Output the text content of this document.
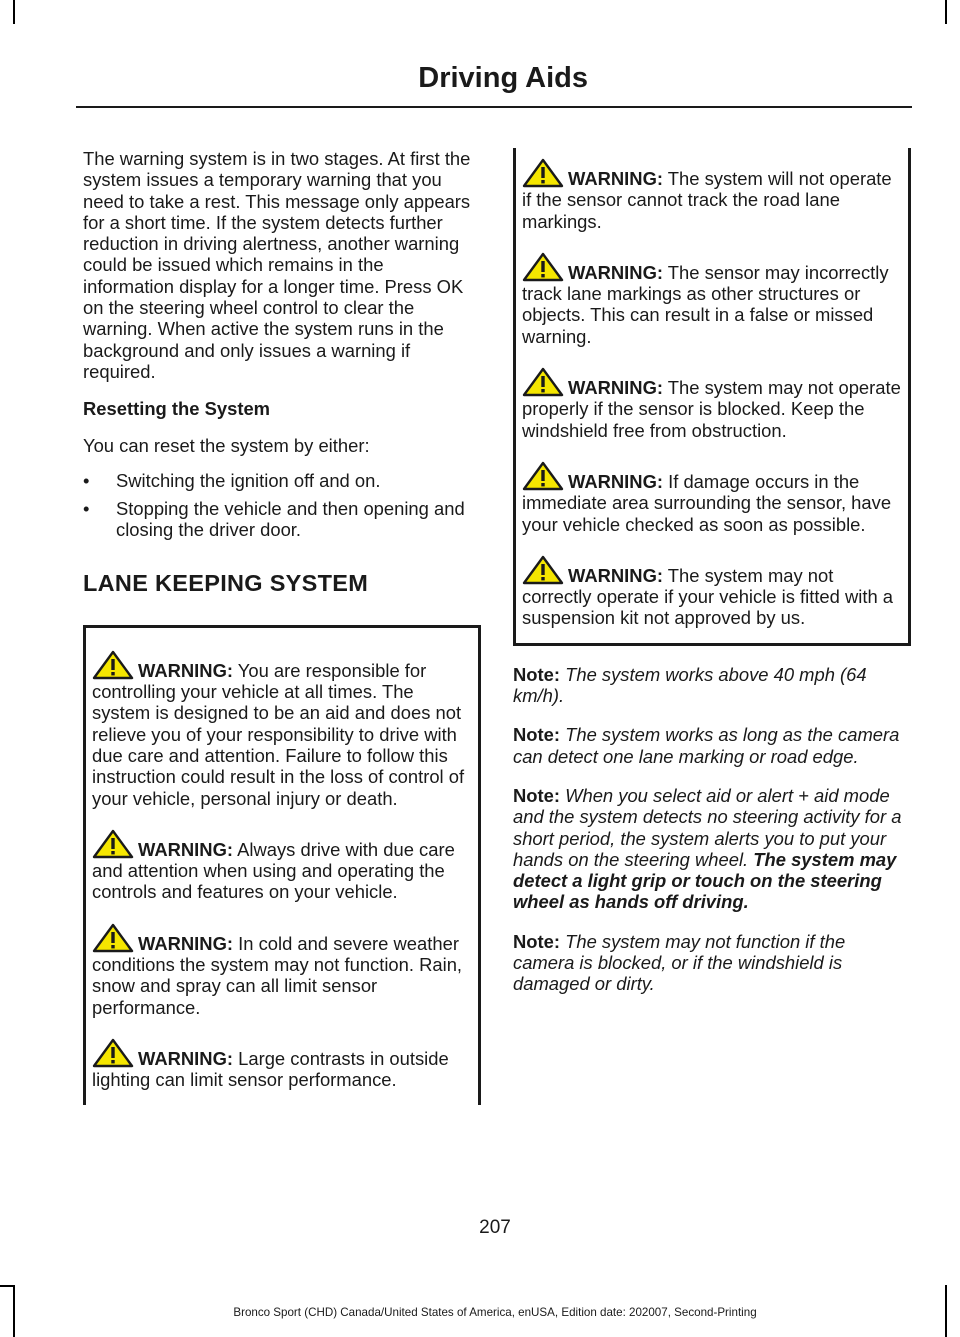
Driving Aids

The warning system is in two stages. At first the system issues a temporary warning that you need to take a rest. This message only appears for a short time. If the system detects further reduction in driving alertness, another warning could be issued which remains in the information display for a longer time. Press OK on the steering wheel control to clear the warning. When active the system runs in the background and only issues a warning if required.

Resetting the System

You can reset the system by either:

• Switching the ignition off and on.
• Stopping the vehicle and then opening and closing the driver door.
LANE KEEPING SYSTEM

WARNING: You are responsible for controlling your vehicle at all times. The system is designed to be an aid and does not relieve you of your responsibility to drive with due care and attention. Failure to follow this instruction could result in the loss of control of your vehicle, personal injury or death.

WARNING: Always drive with due care and attention when using and operating the controls and features on your vehicle.

WARNING: In cold and severe weather conditions the system may not function. Rain, snow and spray can all limit sensor performance.

WARNING: Large contrasts in outside lighting can limit sensor performance.

WARNING: The system will not operate if the sensor cannot track the road lane markings.

WARNING: The sensor may incorrectly track lane markings as other structures or objects. This can result in a false or missed warning.

WARNING: The system may not operate properly if the sensor is blocked. Keep the windshield free from obstruction.

WARNING: If damage occurs in the immediate area surrounding the sensor, have your vehicle checked as soon as possible.

WARNING: The system may not correctly operate if your vehicle is fitted with a suspension kit not approved by us.

Note: The system works above 40 mph (64 km/h).

Note: The system works as long as the camera can detect one lane marking or road edge.

Note: When you select aid or alert + aid mode and the system detects no steering activity for a short period, the system alerts you to put your hands on the steering wheel. The system may detect a light grip or touch on the steering wheel as hands off driving.

Note: The system may not function if the camera is blocked, or if the windshield is damaged or dirty.

207
Bronco Sport (CHD) Canada/United States of America, enUSA, Edition date: 202007, Second-Printing
